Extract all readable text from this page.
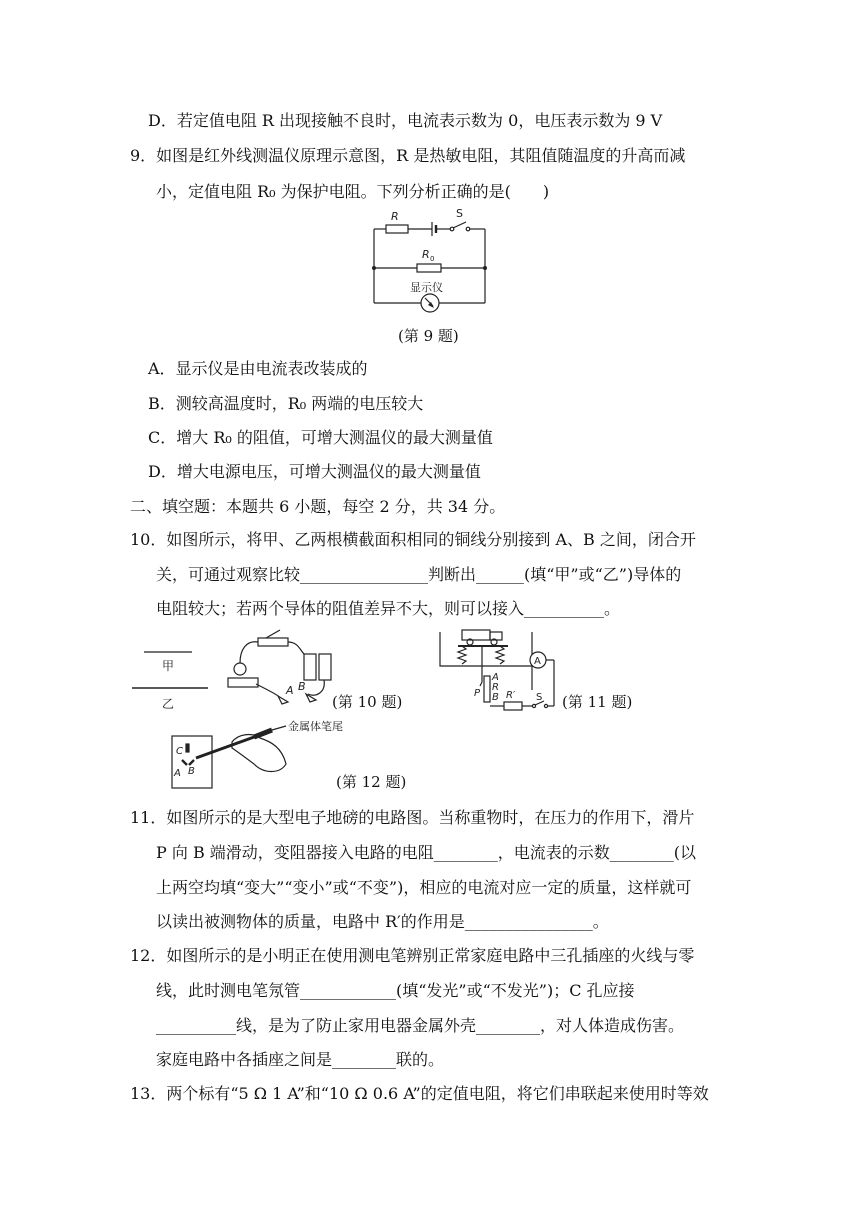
D．若定值电阻 R 出现接触不良时，电流表示数为 0，电压表示数为 9 V
9．如图是红外线测温仪原理示意图，R 是热敏电阻，其阻值随温度的升高而减
小，定值电阻 R₀ 为保护电阻。下列分析正确的是(　　)
R	S
R 0
显示仪
(第 9 题)
A．显示仪是由电流表改装成的
B．测较高温度时，R₀ 两端的电压较大
C．增大 R₀ 的阻值，可增大测温仪的最大测量值
D．增大电源电压，可增大测温仪的最大测量值
二、填空题：本题共 6 小题，每空 2 分，共 34 分。
10．如图所示，将甲、乙两根横截面积相同的铜线分别接到 A、B 之间，闭合开
关，可通过观察比较________________判断出______(填“甲”或“乙”)导体的
电阻较大；若两个导体的阻值差异不大，则可以接入__________。
甲
乙
A B
(第 10 题)
A
A
R
B
P	R′ S (第 11 题)
金属体笔尾
C
A B
(第 12 题)
11．如图所示的是大型电子地磅的电路图。当称重物时，在压力的作用下，滑片
P 向 B 端滑动，变阻器接入电路的电阻________，电流表的示数________(以
上两空均填“变大”“变小”或“不变”)，相应的电流对应一定的质量，这样就可
以读出被测物体的质量，电路中 R′的作用是________________。
12．如图所示的是小明正在使用测电笔辨别正常家庭电路中三孔插座的火线与零
线，此时测电笔氖管____________(填“发光”或“不发光”)；C 孔应接
__________线，是为了防止家用电器金属外壳________，对人体造成伤害。
家庭电路中各插座之间是________联的。
13．两个标有“5 Ω 1 A”和“10 Ω 0.6 A”的定值电阻，将它们串联起来使用时等效
